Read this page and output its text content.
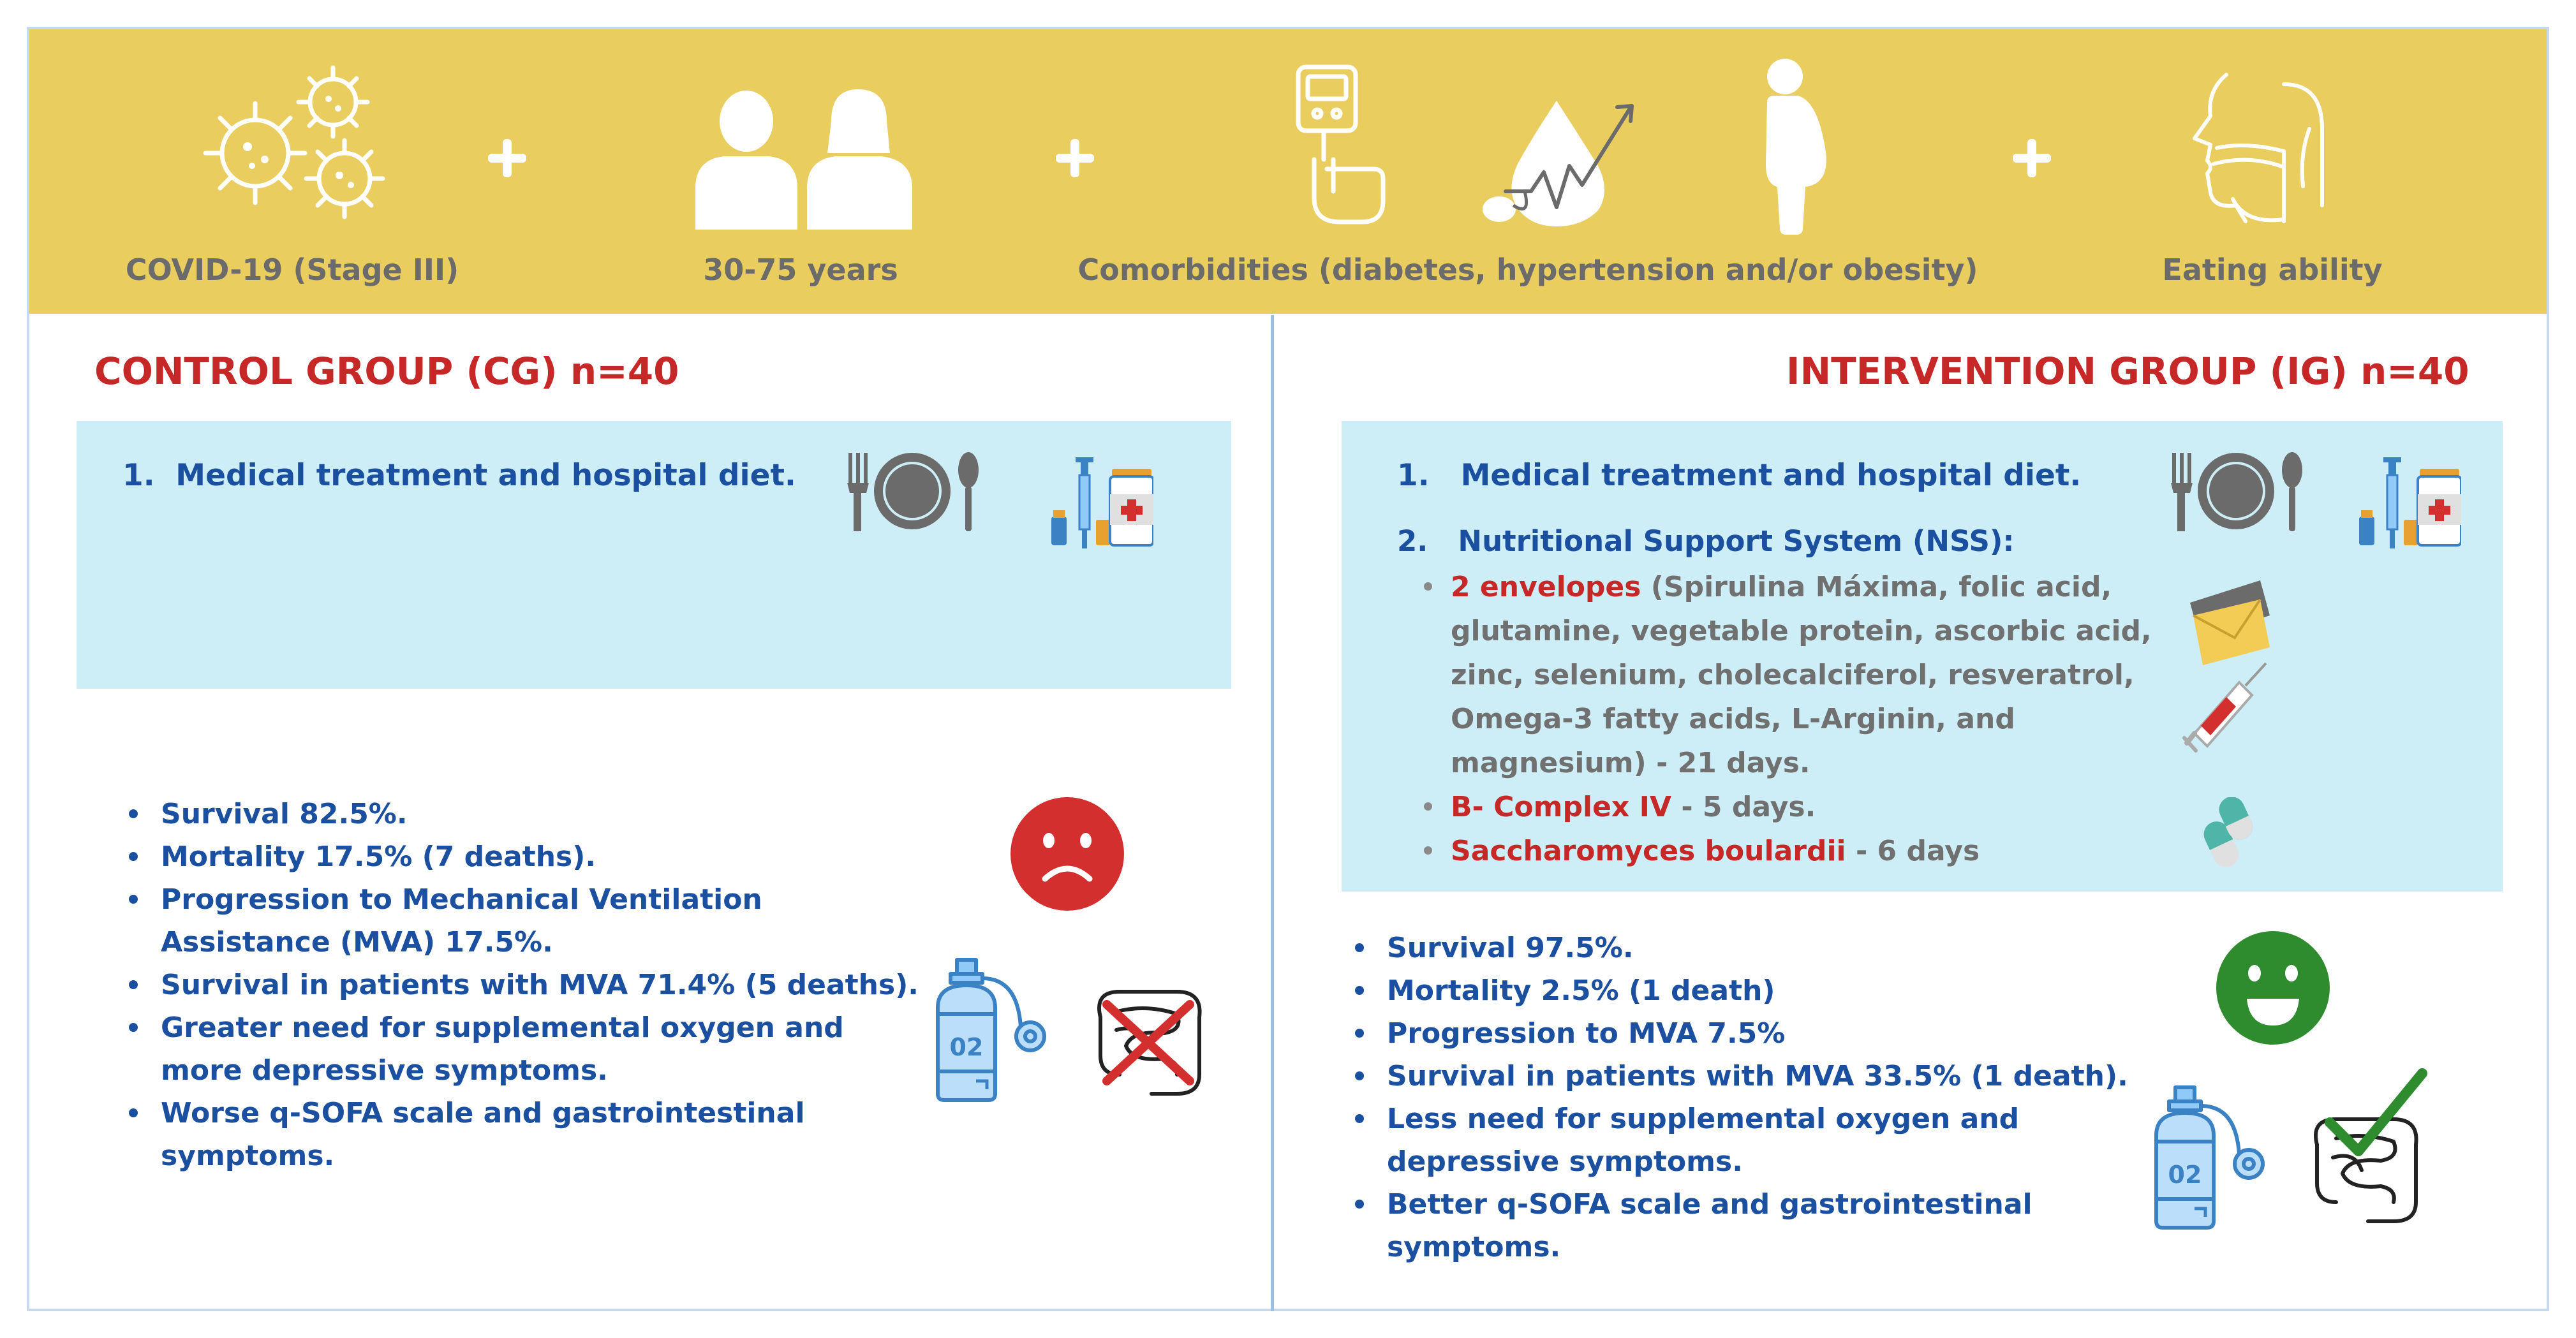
COVID-19 (Stage III)	30-75 years	Comorbidities (diabetes, hypertension and/or obesity)	Eating ability
CONTROL GROUP (CG) n=40
1. Medical treatment and hospital diet.
Survival 82.5%.
Mortality 17.5% (7 deaths).
Progression to Mechanical Ventilation
Assistance (MVA) 17.5%.
Survival in patients with MVA 71.4% (5 deaths).
Greater need for supplemental oxygen and
more depressive symptoms.
Worse q-SOFA scale and gastrointestinal
symptoms.
02
INTERVENTION GROUP (IG) n=40
1. Medical treatment and hospital diet.
2. Nutritional Support System (NSS):
2 envelopes (Spirulina Máxima, folic acid,
glutamine, vegetable protein, ascorbic acid,
zinc, selenium, cholecalciferol, resveratrol,
Omega-3 fatty acids, L-Arginin, and
magnesium) - 21 days.
B- Complex IV - 5 days.
Saccharomyces boulardii - 6 days
Survival 97.5%.
Mortality 2.5% (1 death)
Progression to MVA 7.5%
Survival in patients with MVA 33.5% (1 death).
Less need for supplemental oxygen and
depressive symptoms.
Better q-SOFA scale and gastrointestinal
symptoms.
02
